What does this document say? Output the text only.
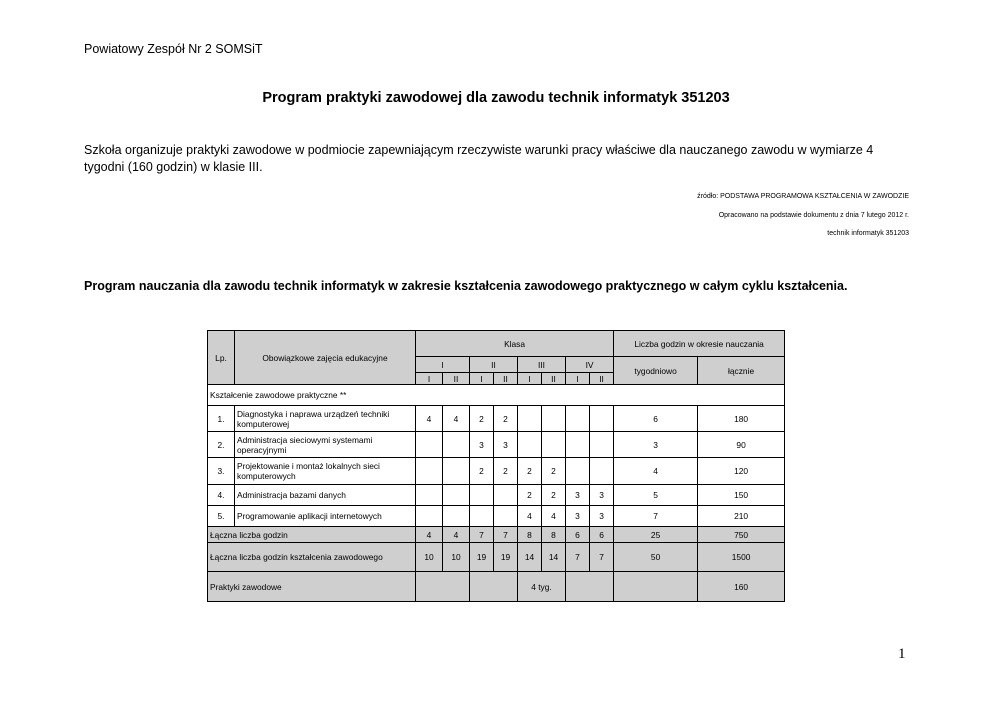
Powiatowy Zespół Nr 2 SOMSiT
Program praktyki zawodowej dla zawodu technik informatyk 351203
Szkoła organizuje praktyki zawodowe w podmiocie zapewniającym rzeczywiste warunki pracy właściwe dla nauczanego zawodu w wymiarze 4 tygodni (160 godzin) w klasie III.
źródło: PODSTAWA PROGRAMOWA KSZTAŁCENIA W ZAWODZIE
Opracowano na podstawie dokumentu z dnia 7 lutego 2012 r.
technik informatyk 351203
Program nauczania dla zawodu technik informatyk w zakresie kształcenia zawodowego praktycznego w całym cyklu kształcenia.
Lp.	Obowiązkowe zajęcia edukacyjne	Klasa								Liczba godzin w okresie nauczania	
		I		II		III		IV		tygodniowo	łącznie
		I	II	I	II	I	II	I	II		
Kształcenie zawodowe praktyczne **											
1.	Diagnostyka i naprawa urządzeń techniki komputerowej	4	4	2	2					6	180
2.	Administracja sieciowymi systemami operacyjnymi			3	3					3	90
3.	Projektowanie i montaż lokalnych sieci komputerowych			2	2	2	2			4	120
4.	Administracja bazami danych					2	2	3	3	5	150
5.	Programowanie aplikacji internetowych					4	4	3	3	7	210
Łączna liczba godzin		4	4	7	7	8	8	6	6	25	750
Łączna liczba godzin kształcenia zawodowego		10	10	19	19	14	14	7	7	50	1500
Praktyki zawodowe						4 tyg.					160
1
